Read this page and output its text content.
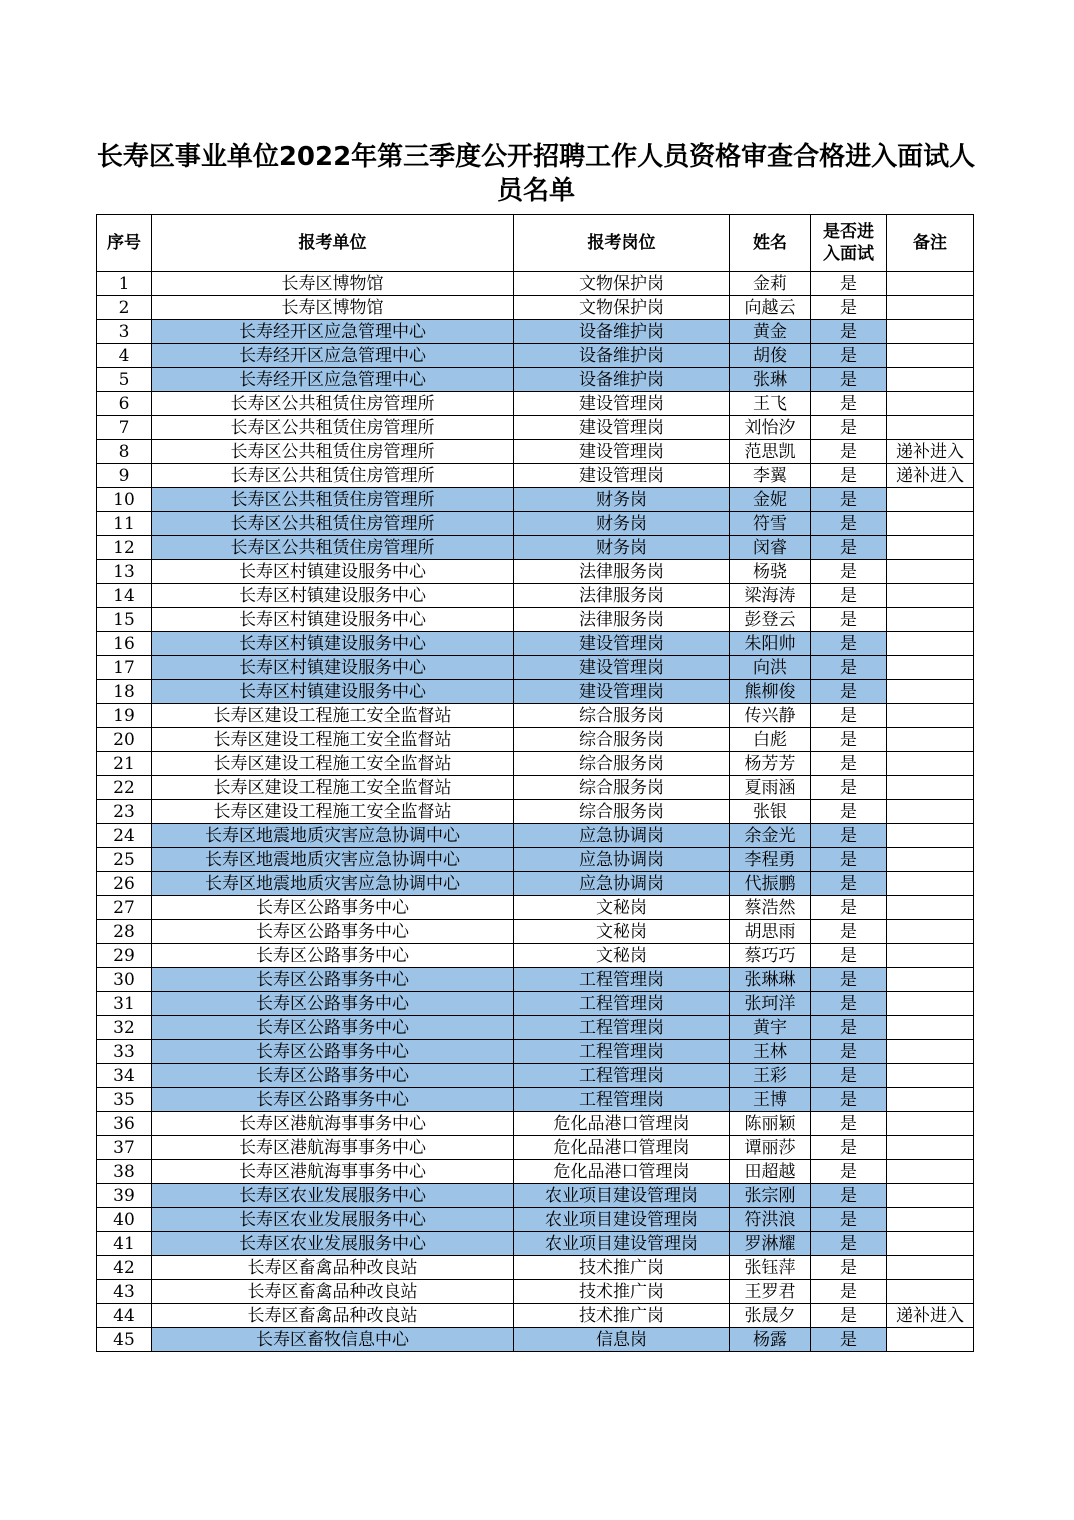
长寿区事业单位2022年第三季度公开招聘工作人员资格审查合格进入面试人员名单
序号	报考单位	报考岗位	姓名	是否进入面试	备注
1	长寿区博物馆	文物保护岗	金莉	是	
2	长寿区博物馆	文物保护岗	向越云	是	
3	长寿经开区应急管理中心	设备维护岗	黄金	是	
4	长寿经开区应急管理中心	设备维护岗	胡俊	是	
5	长寿经开区应急管理中心	设备维护岗	张琳	是	
6	长寿区公共租赁住房管理所	建设管理岗	王飞	是	
7	长寿区公共租赁住房管理所	建设管理岗	刘怡汐	是	
8	长寿区公共租赁住房管理所	建设管理岗	范思凯	是	递补进入
9	长寿区公共租赁住房管理所	建设管理岗	李翼	是	递补进入
10	长寿区公共租赁住房管理所	财务岗	金妮	是	
11	长寿区公共租赁住房管理所	财务岗	符雪	是	
12	长寿区公共租赁住房管理所	财务岗	闵睿	是	
13	长寿区村镇建设服务中心	法律服务岗	杨骁	是	
14	长寿区村镇建设服务中心	法律服务岗	梁海涛	是	
15	长寿区村镇建设服务中心	法律服务岗	彭登云	是	
16	长寿区村镇建设服务中心	建设管理岗	朱阳帅	是	
17	长寿区村镇建设服务中心	建设管理岗	向洪	是	
18	长寿区村镇建设服务中心	建设管理岗	熊柳俊	是	
19	长寿区建设工程施工安全监督站	综合服务岗	传兴静	是	
20	长寿区建设工程施工安全监督站	综合服务岗	白彪	是	
21	长寿区建设工程施工安全监督站	综合服务岗	杨芳芳	是	
22	长寿区建设工程施工安全监督站	综合服务岗	夏雨涵	是	
23	长寿区建设工程施工安全监督站	综合服务岗	张银	是	
24	长寿区地震地质灾害应急协调中心	应急协调岗	余金光	是	
25	长寿区地震地质灾害应急协调中心	应急协调岗	李程勇	是	
26	长寿区地震地质灾害应急协调中心	应急协调岗	代振鹏	是	
27	长寿区公路事务中心	文秘岗	蔡浩然	是	
28	长寿区公路事务中心	文秘岗	胡思雨	是	
29	长寿区公路事务中心	文秘岗	蔡巧巧	是	
30	长寿区公路事务中心	工程管理岗	张琳琳	是	
31	长寿区公路事务中心	工程管理岗	张珂洋	是	
32	长寿区公路事务中心	工程管理岗	黄宇	是	
33	长寿区公路事务中心	工程管理岗	王林	是	
34	长寿区公路事务中心	工程管理岗	王彩	是	
35	长寿区公路事务中心	工程管理岗	王博	是	
36	长寿区港航海事事务中心	危化品港口管理岗	陈丽颖	是	
37	长寿区港航海事事务中心	危化品港口管理岗	谭丽莎	是	
38	长寿区港航海事事务中心	危化品港口管理岗	田超越	是	
39	长寿区农业发展服务中心	农业项目建设管理岗	张宗刚	是	
40	长寿区农业发展服务中心	农业项目建设管理岗	符洪浪	是	
41	长寿区农业发展服务中心	农业项目建设管理岗	罗淋耀	是	
42	长寿区畜禽品种改良站	技术推广岗	张钰萍	是	
43	长寿区畜禽品种改良站	技术推广岗	王罗君	是	
44	长寿区畜禽品种改良站	技术推广岗	张晟夕	是	递补进入
45	长寿区畜牧信息中心	信息岗	杨露	是	
